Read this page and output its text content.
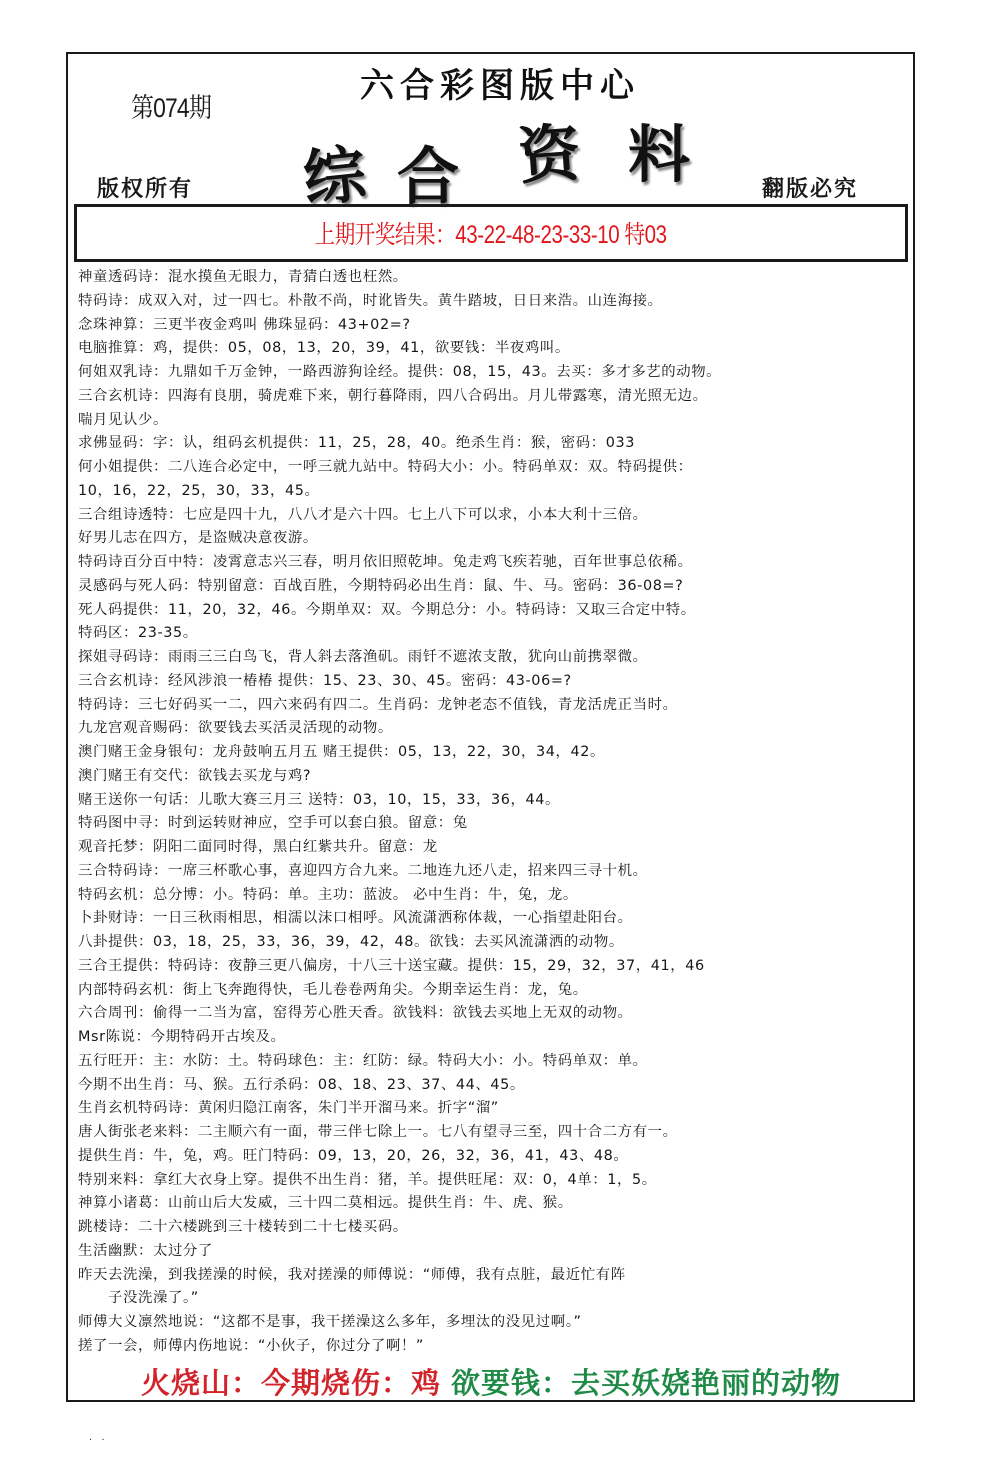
第074期
六合彩图版中心
综 合 资 料
版权所有	翻版必究
上期开奖结果：43-22-48-23-33-10 特03
神童透码诗：混水摸鱼无眼力，青猜白透也枉然。
特码诗：成双入对，过一四七。朴散不尚，时讹皆失。黄牛踏坡，日日来浩。山连海接。
念珠神算：三更半夜金鸡叫 佛珠显码：43+02=?
电脑推算：鸡，提供：05，08，13，20，39，41，欲要钱：半夜鸡叫。
何姐双乳诗：九鼎如千万金钟，一路西游狗诠经。提供：08，15，43。去买：多才多艺的动物。
三合玄机诗：四海有良朋，骑虎难下来，朝行暮降雨，四八合码出。月儿带露寒，清光照无边。
喘月见认少。
求佛显码：字：认，组码玄机提供：11，25，28，40。绝杀生肖：猴，密码：033
何小姐提供：二八连合必定中，一呼三就九站中。特码大小：小。特码单双：双。特码提供：
10，16，22，25，30，33，45。
三合组诗透特：七应是四十九，八八才是六十四。七上八下可以求，小本大利十三倍。
好男儿志在四方，是盗贼决意夜游。
特码诗百分百中特：凌霄意志兴三春，明月依旧照乾坤。兔走鸡飞疾若驰，百年世事总依稀。
灵感码与死人码：特别留意：百战百胜，今期特码必出生肖：鼠、牛、马。密码：36-08=?
死人码提供：11，20，32，46。今期单双：双。今期总分：小。特码诗：又取三合定中特。
特码区：23-35。
探姐寻码诗：雨雨三三白鸟飞，背人斜去落渔矶。雨钎不遮浓支散，犹向山前携翠微。
三合玄机诗：经风涉浪一椿椿 提供：15、23、30、45。密码：43-06=?
特码诗：三七好码买一二，四六来码有四二。生肖码：龙钟老态不值钱，青龙活虎正当时。
九龙宫观音赐码：欲要钱去买活灵活现的动物。
澳门赌王金身银句：龙舟鼓响五月五 赌王提供：05，13，22，30，34，42。
澳门赌王有交代：欲钱去买龙与鸡?
赌王送你一句话：儿歌大赛三月三 送特：03，10，15，33，36，44。
特码图中寻：时到运转财神应，空手可以套白狼。留意：兔
观音托梦：阴阳二面同时得，黑白红紫共升。留意：龙
三合特码诗：一席三杯歌心事，喜迎四方合九来。二地连九还八走，招来四三寻十机。
特码玄机：总分博：小。特码：单。主功：蓝波。 必中生肖：牛，兔，龙。
卜卦财诗：一日三秋雨相思，相濡以沫口相呼。风流潇洒称体裁，一心指望赴阳台。
八卦提供：03，18，25，33，36，39，42，48。欲钱：去买风流潇洒的动物。
三合王提供：特码诗：夜静三更八偏房，十八三十送宝藏。提供：15，29，32，37，41，46
内部特码玄机：街上飞奔跑得快，毛儿卷卷两角尖。今期幸运生肖：龙，兔。
六合周刊：偷得一二当为富，窑得芳心胜天香。欲钱料：欲钱去买地上无双的动物。
Msr陈说：今期特码开古埃及。
五行旺开：主：水防：土。特码球色：主：红防：绿。特码大小：小。特码单双：单。
今期不出生肖：马、猴。五行杀码：08、18、23、37、44、45。
生肖玄机特码诗：黄闲归隐江南客，朱门半开溜马来。折字“溜”
唐人街张老来料：二主顺六有一面，带三伴七除上一。七八有望寻三至，四十合二方有一。
提供生肖：牛，兔，鸡。旺门特码：09，13，20，26，32，36，41，43、48。
特别来料：拿红大衣身上穿。提供不出生肖：猪，羊。提供旺尾：双：0，4单：1，5。
神算小诸葛：山前山后大发威，三十四二莫相远。提供生肖：牛、虎、猴。
跳楼诗：二十六楼跳到三十楼转到二十七楼买码。
生活幽默：太过分了
昨天去洗澡，到我搓澡的时候，我对搓澡的师傅说：“师傅，我有点脏，最近忙有阵
子没洗澡了。”
师傅大义凛然地说：“这都不是事，我干搓澡这么多年，多埋汰的没见过啊。”
搓了一会，师傅内伤地说：“小伙子，你过分了啊！”
火烧山：今期烧伤：鸡 欲要钱：去买妖娆艳丽的动物
. .
